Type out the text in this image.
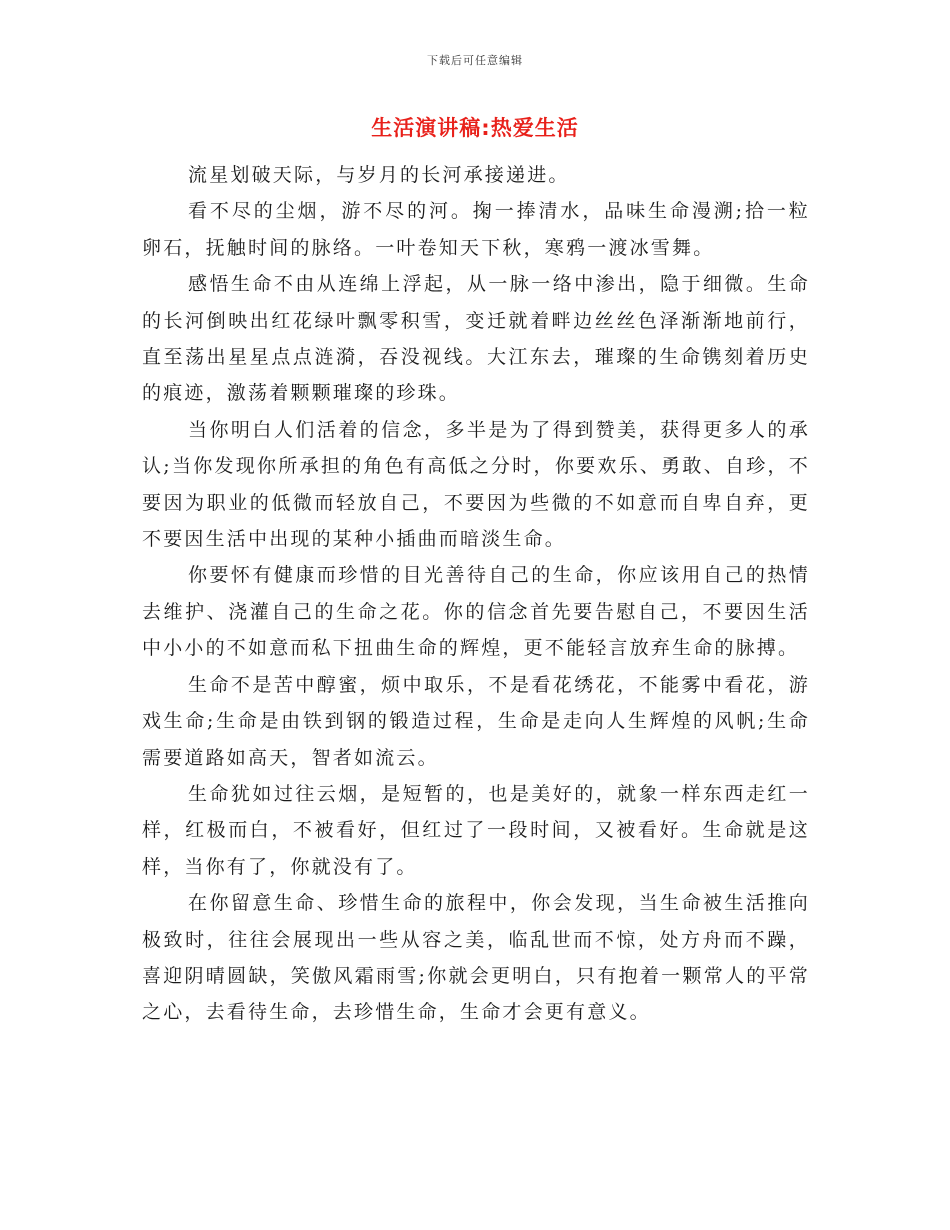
下载后可任意编辑
生活演讲稿:热爱生活

流星划破天际，与岁月的长河承接递进。

看不尽的尘烟，游不尽的河。掬一捧清水，品味生命漫溯;拾一粒卵石，抚触时间的脉络。一叶卷知天下秋，寒鸦一渡冰雪舞。

感悟生命不由从连绵上浮起，从一脉一络中渗出，隐于细微。生命的长河倒映出红花绿叶飘零积雪，变迁就着畔边丝丝色泽渐渐地前行，直至荡出星星点点涟漪，吞没视线。大江东去，璀璨的生命镌刻着历史的痕迹，激荡着颗颗璀璨的珍珠。

当你明白人们活着的信念，多半是为了得到赞美，获得更多人的承认;当你发现你所承担的角色有高低之分时，你要欢乐、勇敢、自珍，不要因为职业的低微而轻放自己，不要因为些微的不如意而自卑自弃，更不要因生活中出现的某种小插曲而暗淡生命。

你要怀有健康而珍惜的目光善待自己的生命，你应该用自己的热情去维护、浇灌自己的生命之花。你的信念首先要告慰自己，不要因生活中小小的不如意而私下扭曲生命的辉煌，更不能轻言放弃生命的脉搏。

生命不是苦中醇蜜，烦中取乐，不是看花绣花，不能雾中看花，游戏生命;生命是由铁到钢的锻造过程，生命是走向人生辉煌的风帆;生命需要道路如高天，智者如流云。

生命犹如过往云烟，是短暂的，也是美好的，就象一样东西走红一样，红极而白，不被看好，但红过了一段时间，又被看好。生命就是这样，当你有了，你就没有了。

在你留意生命、珍惜生命的旅程中，你会发现，当生命被生活推向极致时，往往会展现出一些从容之美，临乱世而不惊，处方舟而不躁，喜迎阴晴圆缺，笑傲风霜雨雪;你就会更明白，只有抱着一颗常人的平常之心，去看待生命，去珍惜生命，生命才会更有意义。
